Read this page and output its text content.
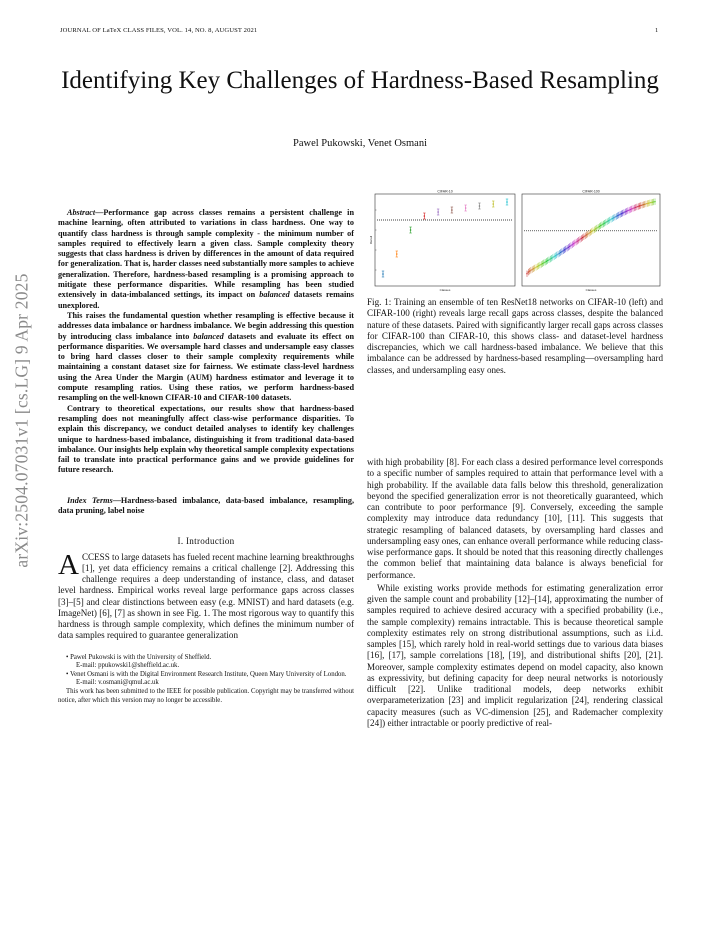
JOURNAL OF LaTeX CLASS FILES, VOL. 14, NO. 8, AUGUST 2021	1
Identifying Key Challenges of Hardness-Based Resampling
Pawel Pukowski, Venet Osmani
arXiv:2504.07031v1 [cs.LG] 9 Apr 2025

Abstract—Performance gap across classes remains a persistent challenge in machine learning, often attributed to variations in class hardness. One way to quantify class hardness is through sample complexity - the minimum number of samples required to effectively learn a given class. Sample complexity theory suggests that class hardness is driven by differences in the amount of data required for generalization. That is, harder classes need substantially more samples to achieve generalization. Therefore, hardness-based resampling is a promising approach to mitigate these performance disparities. While resampling has been studied extensively in data-imbalanced settings, its impact on balanced datasets remains unexplored.

This raises the fundamental question whether resampling is effective because it addresses data imbalance or hardness imbalance. We begin addressing this question by introducing class imbalance into balanced datasets and evaluate its effect on performance disparities. We oversample hard classes and undersample easy classes to bring hard classes closer to their sample complexity requirements while maintaining a constant dataset size for fairness. We estimate class-level hardness using the Area Under the Margin (AUM) hardness estimator and leverage it to compute resampling ratios. Using these ratios, we perform hardness-based resampling on the well-known CIFAR-10 and CIFAR-100 datasets.

Contrary to theoretical expectations, our results show that hardness-based resampling does not meaningfully affect class-wise performance disparities. To explain this discrepancy, we conduct detailed analyses to identify key challenges unique to hardness-based imbalance, distinguishing it from traditional data-based imbalance. Our insights help explain why theoretical sample complexity expectations fail to translate into practical performance gains and we provide guidelines for future research.

Index Terms—Hardness-based imbalance, data-based imbalance, resampling, data pruning, label noise
I. Introduction

ACCESS to large datasets has fueled recent machine learning breakthroughs [1], yet data efficiency remains a critical challenge [2]. Addressing this challenge requires a deep understanding of instance, class, and dataset level hardness. Empirical works reveal large performance gaps across classes [3]–[5] and clear distinctions between easy (e.g. MNIST) and hard datasets (e.g. ImageNet) [6], [7] as shown in see Fig. 1. The most rigorous way to quantify this hardness is through sample complexity, which defines the minimum number of data samples required to guarantee generalization

• Pawel Pukowski is with the University of Sheffield.

E-mail: ppukowski1@sheffield.ac.uk.

• Venet Osmani is with the Digital Environment Research Institute, Queen Mary University of London.

E-mail: v.osmani@qmul.ac.uk

This work has been submitted to the IEEE for possible publication. Copyright may be transferred without notice, after which this version may no longer be accessible.

CIFAR-10
Classes
Recall
CIFAR-100
Classes
Fig. 1: Training an ensemble of ten ResNet18 networks on CIFAR-10 (left) and CIFAR-100 (right) reveals large recall gaps across classes, despite the balanced nature of these datasets. Paired with significantly larger recall gaps across classes for CIFAR-100 than CIFAR-10, this shows class- and dataset-level hardness discrepancies, which we call hardness-based imbalance. We believe that this imbalance can be addressed by hardness-based resampling—oversampling hard classes, and undersampling easy ones.

with high probability [8]. For each class a desired performance level corresponds to a specific number of samples required to attain that performance level with a high probability. If the available data falls below this threshold, generalization beyond the specified generalization error is not theoretically guaranteed, which can contribute to poor performance [9]. Conversely, exceeding the sample complexity may introduce data redundancy [10], [11]. This suggests that strategic resampling of balanced datasets, by oversampling hard classes and undersampling easy ones, can enhance overall performance while reducing class-wise performance gaps. It should be noted that this reasoning directly challenges the common belief that maintaining data balance is always beneficial for performance.

While existing works provide methods for estimating generalization error given the sample count and probability [12]–[14], approximating the number of samples required to achieve desired accuracy with a specified probability (i.e., the sample complexity) remains intractable. This is because theoretical sample complexity estimates rely on strong distributional assumptions, such as i.i.d. samples [15], which rarely hold in real-world settings due to various data biases [16], [17], sample correlations [18], [19], and distributional shifts [20], [21]. Moreover, sample complexity estimates depend on model capacity, also known as expressivity, but defining capacity for deep neural networks is notoriously difficult [22]. Unlike traditional models, deep networks exhibit overparameterization [23] and implicit regularization [24], rendering classical capacity measures (such as VC-dimension [25], and Rademacher complexity [24]) either intractable or poorly predictive of real-
